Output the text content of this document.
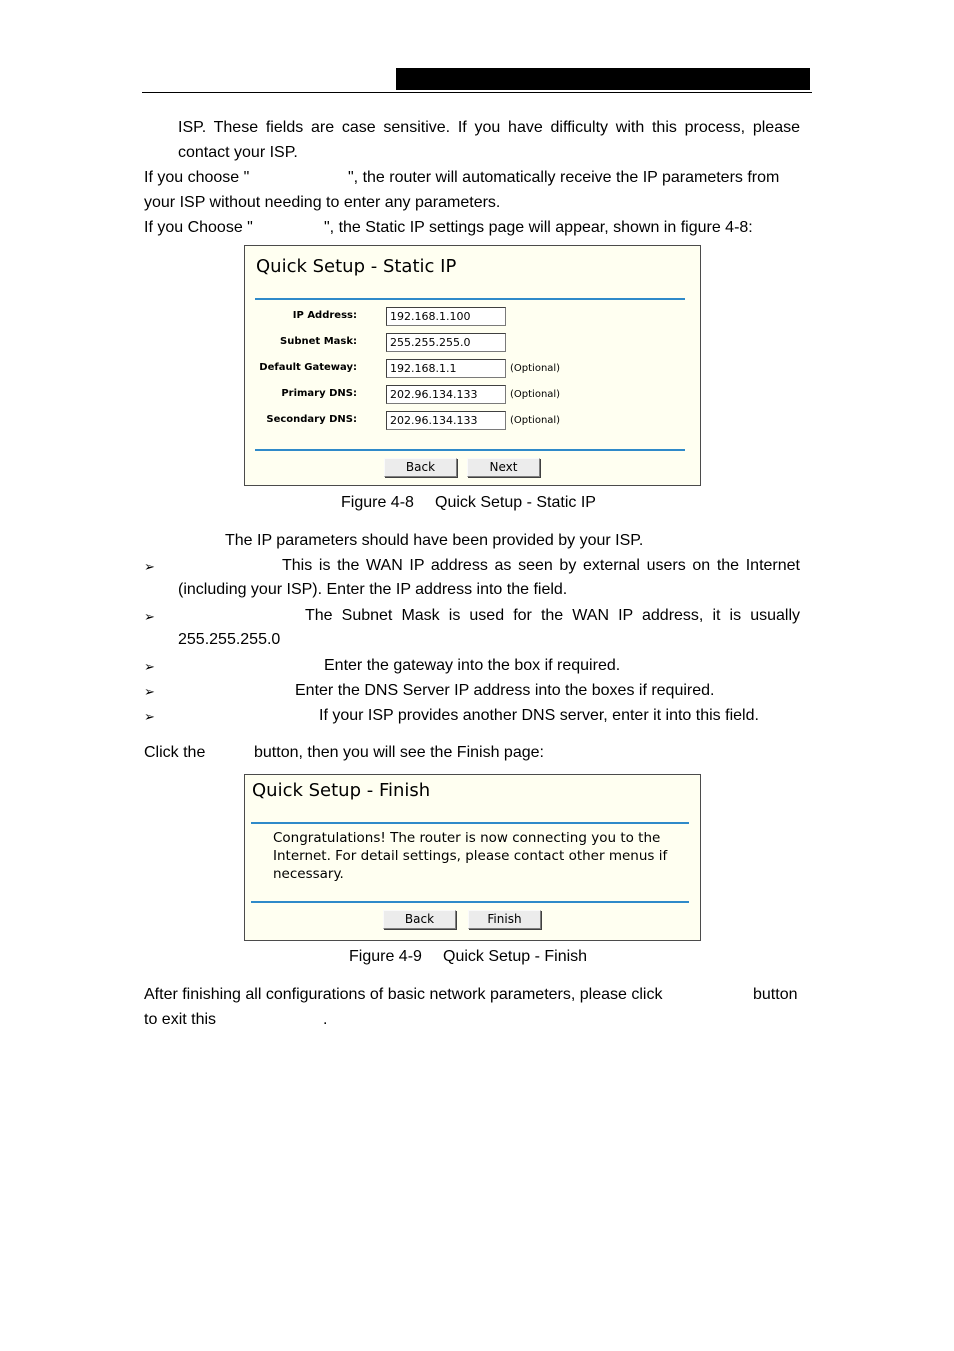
ISP. These fields are case sensitive. If you have difficulty with this process, please
contact your ISP.
If you choose "	", the router will automatically receive the IP parameters from
your ISP without needing to enter any parameters.
If you Choose "	", the Static IP settings page will appear, shown in figure 4-8:
Quick Setup - Static IP
IP Address:	192.168.1.100
Subnet Mask:	255.255.255.0
Default Gateway:	192.168.1.1	(Optional)
Primary DNS:	202.96.134.133	(Optional)
Secondary DNS:	202.96.134.133	(Optional)
Back	Next
Figure 4-8 Quick Setup - Static IP
The IP parameters should have been provided by your ISP.
➢	This is the WAN IP address as seen by external users on the Internet
(including your ISP). Enter the IP address into the field.
➢	The Subnet Mask is used for the WAN IP address, it is usually
255.255.255.0
➢	Enter the gateway into the box if required.
➢	Enter the DNS Server IP address into the boxes if required.
➢	If your ISP provides another DNS server, enter it into this field.
Click the	button, then you will see the Finish page:
Quick Setup - Finish
Congratulations! The router is now connecting you to the
Internet. For detail settings, please contact other menus if
necessary.
Back	Finish
Figure 4-9 Quick Setup - Finish
After finishing all configurations of basic network parameters, please click	button
to exit this	.
